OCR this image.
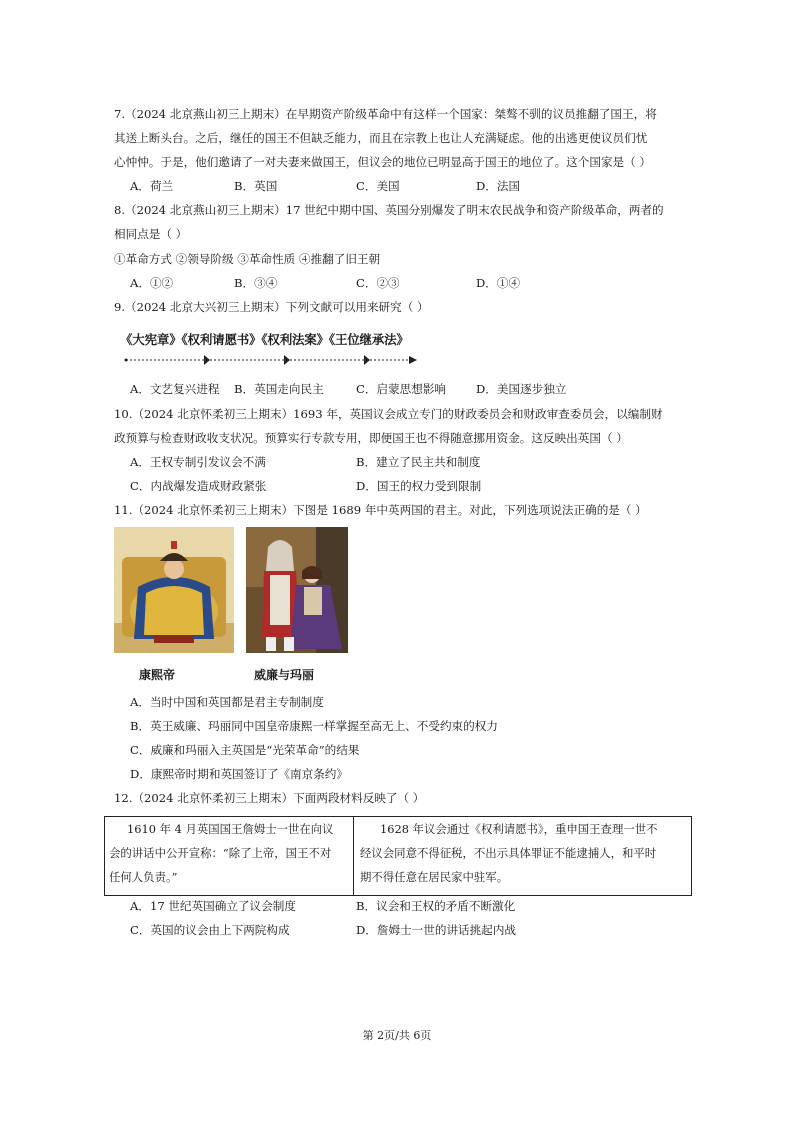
7.（2024 北京燕山初三上期末）在早期资产阶级革命中有这样一个国家：桀骜不驯的议员推翻了国王，将
其送上断头台。之后，继任的国王不但缺乏能力，而且在宗教上也让人充满疑虑。他的出逃更使议员们忧
心忡忡。于是，他们邀请了一对夫妻来做国王，但议会的地位已明显高于国王的地位了。这个国家是（ ）
A．荷兰	B．英国	C．美国	D．法国
8.（2024 北京燕山初三上期末）17 世纪中期中国、英国分别爆发了明末农民战争和资产阶级革命，两者的
相同点是（ ）
①革命方式 ②领导阶级 ③革命性质 ④推翻了旧王朝
A．①②	B．③④	C．②③	D．①④
9.（2024 北京大兴初三上期末）下列文献可以用来研究（ ）
《大宪章》《权利请愿书》《权利法案》《王位继承法》
A．文艺复兴进程 B．英国走向民主	C．启蒙思想影响	D．美国逐步独立
10.（2024 北京怀柔初三上期末）1693 年，英国议会成立专门的财政委员会和财政审查委员会，以编制财
政预算与检查财政收支状况。预算实行专款专用，即便国王也不得随意挪用资金。这反映出英国（ ）
A．王权专制引发议会不满	B．建立了民主共和制度
C．内战爆发造成财政紧张	D．国王的权力受到限制
11.（2024 北京怀柔初三上期末）下图是 1689 年中英两国的君主。对此，下列选项说法正确的是（ ）
康熙帝	威廉与玛丽
A．当时中国和英国都是君主专制制度
B．英王威廉、玛丽同中国皇帝康熙一样掌握至高无上、不受约束的权力
C．威廉和玛丽入主英国是“光荣革命”的结果
D．康熙帝时期和英国签订了《南京条约》
12.（2024 北京怀柔初三上期末）下面两段材料反映了（ ）
1610 年 4 月英国国王詹姆士一世在向议
会的讲话中公开宣称：“除了上帝，国王不对
任何人负责。”
1628 年议会通过《权利请愿书》，重申国王查理一世不
经议会同意不得征税，不出示具体罪证不能逮捕人，和平时
期不得任意在居民家中驻军。
A．17 世纪英国确立了议会制度	B．议会和王权的矛盾不断激化
C．英国的议会由上下两院构成	D．詹姆士一世的讲话挑起内战
第 2页/共 6页
